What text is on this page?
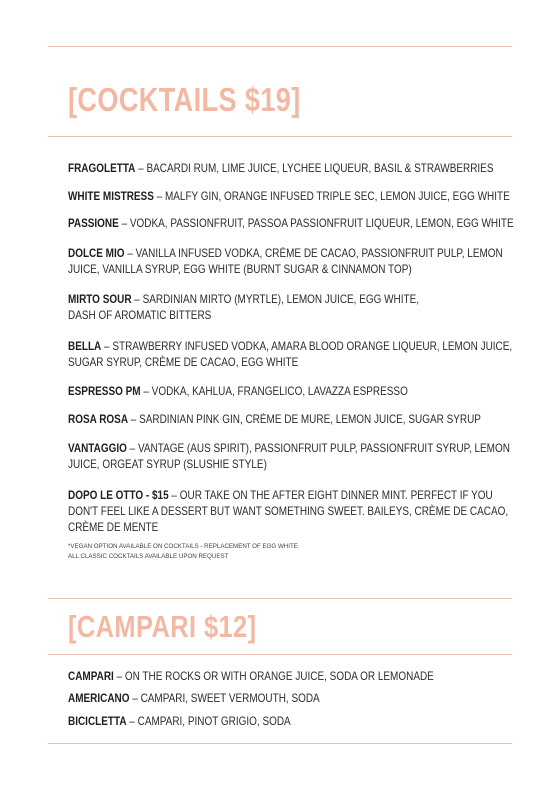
[COCKTAILS $19]
FRAGOLETTA – BACARDI RUM, LIME JUICE, LYCHEE LIQUEUR, BASIL & STRAWBERRIES
WHITE MISTRESS – MALFY GIN, ORANGE INFUSED TRIPLE SEC, LEMON JUICE, EGG WHITE
PASSIONE – VODKA, PASSIONFRUIT, PASSOA PASSIONFRUIT LIQUEUR, LEMON, EGG WHITE
DOLCE MIO – VANILLA INFUSED VODKA, CRÈME DE CACAO, PASSIONFRUIT PULP, LEMON JUICE, VANILLA SYRUP, EGG WHITE (BURNT SUGAR & CINNAMON TOP)
MIRTO SOUR – SARDINIAN MIRTO (MYRTLE), LEMON JUICE, EGG WHITE,
DASH OF AROMATIC BITTERS
BELLA – STRAWBERRY INFUSED VODKA, AMARA BLOOD ORANGE LIQUEUR, LEMON JUICE, SUGAR SYRUP, CRÈME DE CACAO, EGG WHITE
ESPRESSO PM – VODKA, KAHLUA, FRANGELICO, LAVAZZA ESPRESSO
ROSA ROSA – SARDINIAN PINK GIN, CRÈME DE MURE, LEMON JUICE, SUGAR SYRUP
VANTAGGIO – VANTAGE (AUS SPIRIT), PASSIONFRUIT PULP, PASSIONFRUIT SYRUP, LEMON JUICE, ORGEAT SYRUP (SLUSHIE STYLE)
DOPO LE OTTO - $15 – OUR TAKE ON THE AFTER EIGHT DINNER MINT. PERFECT IF YOU DON'T FEEL LIKE A DESSERT BUT WANT SOMETHING SWEET. BAILEYS, CRÈME DE CACAO, CRÈME DE MENTE
*VEGAN OPTION AVAILABLE ON COCKTAILS - REPLACEMENT OF EGG WHITE
ALL CLASSIC COCKTAILS AVAILABLE UPON REQUEST
[CAMPARI $12]
CAMPARI – ON THE ROCKS OR WITH ORANGE JUICE, SODA OR LEMONADE
AMERICANO – CAMPARI, SWEET VERMOUTH, SODA
BICICLETTA – CAMPARI, PINOT GRIGIO, SODA
